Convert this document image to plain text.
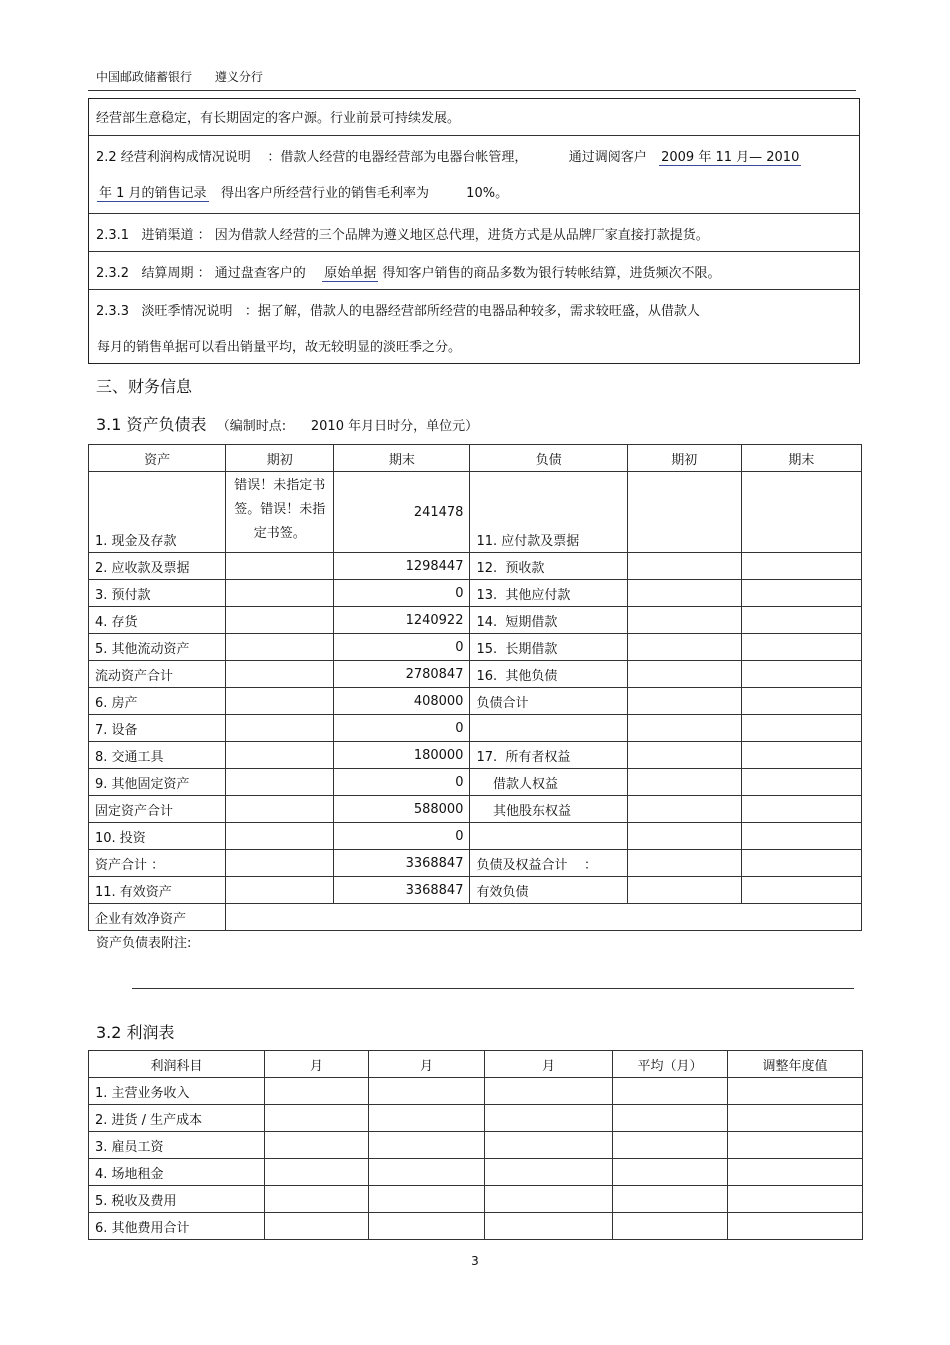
中国邮政储蓄银行 遵义分行
经营部生意稳定，有长期固定的客户源。行业前景可持续发展。
2.2 经营利润构成情况说明 ：借款人经营的电器经营部为电器台帐管理，	通过调阅客户 2009 年 11 月— 2010
年 1 月的销售记录 得出客户所经营行业的销售毛利率为	10%。
2.3.1   进销渠道 ： 因为借款人经营的三个品牌为遵义地区总代理，进货方式是从品牌厂家直接打款提货。
2.3.2   结算周期 ： 通过盘查客户的 原始单据 得知客户销售的商品多数为银行转帐结算，进货频次不限。
2.3.3   淡旺季情况说明   ：据了解，借款人的电器经营部所经营的电器品种较多，需求较旺盛，从借款人
每月的销售单据可以看出销量平均，故无较明显的淡旺季之分。
三、财务信息
3.1 资产负债表 （编制时点:      2010 年月日时分，单位元）
资产	期初	期末	负债	期初	期末
1. 现金及存款	错误！未指定书签。错误！未指定书签。	241478	11. 应付款及票据		
2. 应收款及票据		1298447	12.  预收款		
3. 预付款		0	13.  其他应付款		
4. 存货		1240922	14.  短期借款		
5. 其他流动资产		0	15.  长期借款		
流动资产合计		2780847	16.  其他负债		
6. 房产		408000	负债合计		
7. 设备		0			
8. 交通工具		180000	17.  所有者权益		
9. 其他固定资产		0	借款人权益		
固定资产合计		588000	其他股东权益		
10. 投资		0			
资产合计 ：		3368847	负债及权益合计    ：		
11. 有效资产		3368847	有效负债		
企业有效净资产					
资产负债表附注:
3.2 利润表
利润科目	月	月	月	平均（月）	调整年度值
1. 主营业务收入					
2. 进货 / 生产成本					
3. 雇员工资					
4. 场地租金					
5. 税收及费用					
6. 其他费用合计					
3
